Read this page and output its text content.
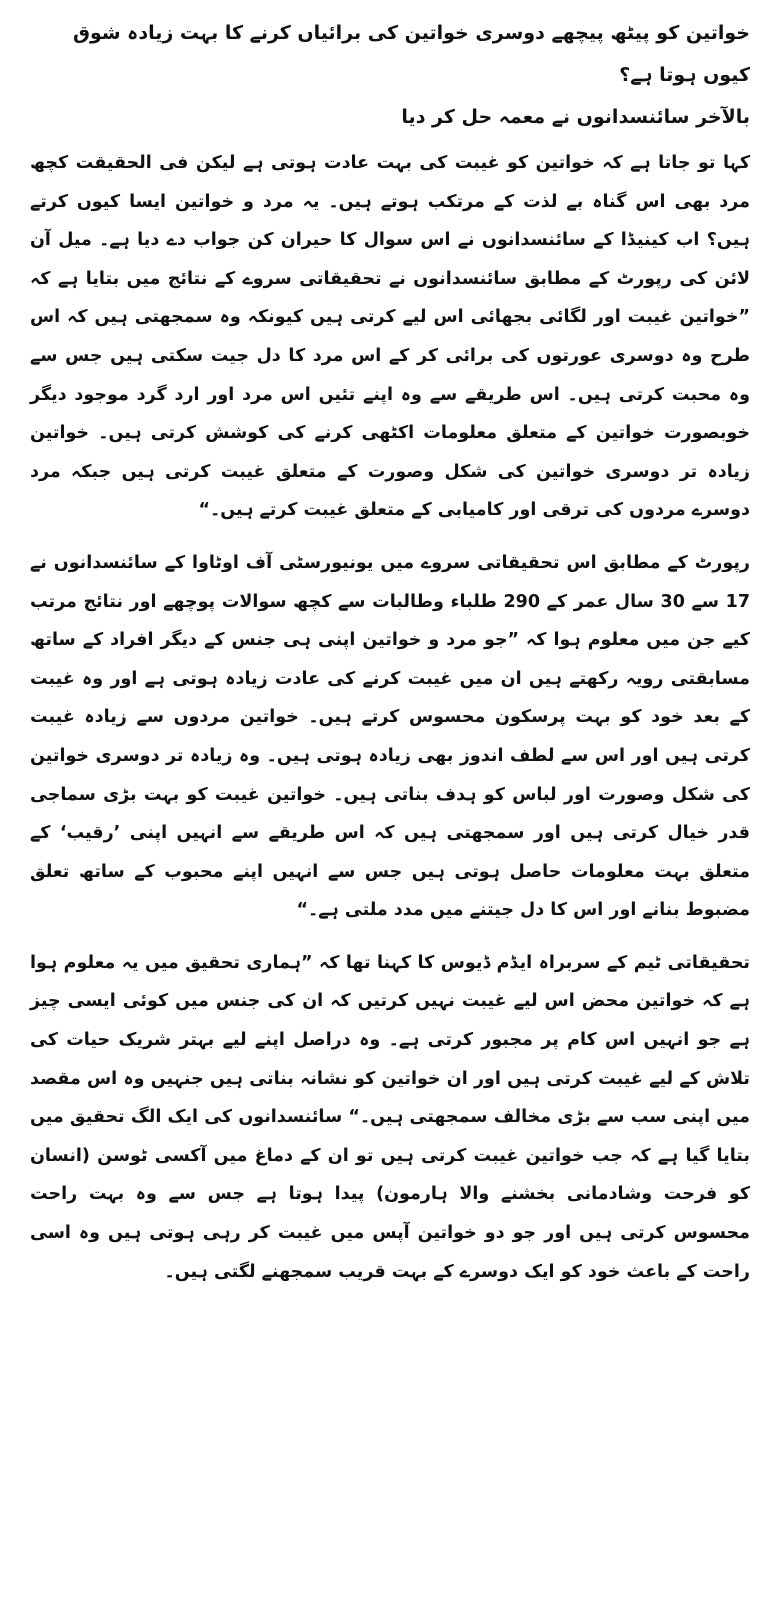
خواتین کو پیٹھ پیچھے دوسری خواتین کی برائیاں کرنے کا بہت زیادہ شوق کیوں ہوتا ہے؟
بالآخر سائنسدانوں نے معمہ حل کر دیا

کہا تو جاتا ہے کہ خواتین کو غیبت کی بہت عادت ہوتی ہے لیکن فی الحقیقت کچھ مرد بھی اس گناہ بے لذت کے مرتکب ہوتے ہیں۔ یہ مرد و خواتین ایسا کیوں کرتے ہیں؟ اب کینیڈا کے سائنسدانوں نے اس سوال کا حیران کن جواب دے دیا ہے۔ میل آن لائن کی رپورٹ کے مطابق سائنسدانوں نے تحقیقاتی سروے کے نتائج میں بتایا ہے کہ ”خواتین غیبت اور لگائی بجھائی اس لیے کرتی ہیں کیونکہ وہ سمجھتی ہیں کہ اس طرح وہ دوسری عورتوں کی برائی کر کے اس مرد کا دل جیت سکتی ہیں جس سے وہ محبت کرتی ہیں۔ اس طریقے سے وہ اپنے تئیں اس مرد اور ارد گرد موجود دیگر خوبصورت خواتین کے متعلق معلومات اکٹھی کرنے کی کوشش کرتی ہیں۔ خواتین زیادہ تر دوسری خواتین کی شکل وصورت کے متعلق غیبت کرتی ہیں جبکہ مرد دوسرے مردوں کی ترقی اور کامیابی کے متعلق غیبت کرتے ہیں۔“

رپورٹ کے مطابق اس تحقیقاتی سروے میں یونیورسٹی آف اوٹاوا کے سائنسدانوں نے 17 سے 30 سال عمر کے 290 طلباء وطالبات سے کچھ سوالات پوچھے اور نتائج مرتب کیے جن میں معلوم ہوا کہ ”جو مرد و خواتین اپنی ہی جنس کے دیگر افراد کے ساتھ مسابقتی رویہ رکھتے ہیں ان میں غیبت کرنے کی عادت زیادہ ہوتی ہے اور وہ غیبت کے بعد خود کو بہت پرسکون محسوس کرتے ہیں۔ خواتین مردوں سے زیادہ غیبت کرتی ہیں اور اس سے لطف اندوز بھی زیادہ ہوتی ہیں۔ وہ زیادہ تر دوسری خواتین کی شکل وصورت اور لباس کو ہدف بناتی ہیں۔ خواتین غیبت کو بہت بڑی سماجی قدر خیال کرتی ہیں اور سمجھتی ہیں کہ اس طریقے سے انہیں اپنی ’رقیب‘ کے متعلق بہت معلومات حاصل ہوتی ہیں جس سے انہیں اپنے محبوب کے ساتھ تعلق مضبوط بنانے اور اس کا دل جیتنے میں مدد ملتی ہے۔“

تحقیقاتی ٹیم کے سربراہ ایڈم ڈیوس کا کہنا تھا کہ ”ہماری تحقیق میں یہ معلوم ہوا ہے کہ خواتین محض اس لیے غیبت نہیں کرتیں کہ ان کی جنس میں کوئی ایسی چیز ہے جو انہیں اس کام پر مجبور کرتی ہے۔ وہ دراصل اپنے لیے بہتر شریک حیات کی تلاش کے لیے غیبت کرتی ہیں اور ان خواتین کو نشانہ بناتی ہیں جنہیں وہ اس مقصد میں اپنی سب سے بڑی مخالف سمجھتی ہیں۔“ سائنسدانوں کی ایک الگ تحقیق میں بتایا گیا ہے کہ جب خواتین غیبت کرتی ہیں تو ان کے دماغ میں آکسی ٹوسن (انسان کو فرحت وشادمانی بخشنے والا ہارمون) پیدا ہوتا ہے جس سے وہ بہت راحت محسوس کرتی ہیں اور جو دو خواتین آپس میں غیبت کر رہی ہوتی ہیں وہ اسی راحت کے باعث خود کو ایک دوسرے کے بہت قریب سمجھنے لگتی ہیں۔
